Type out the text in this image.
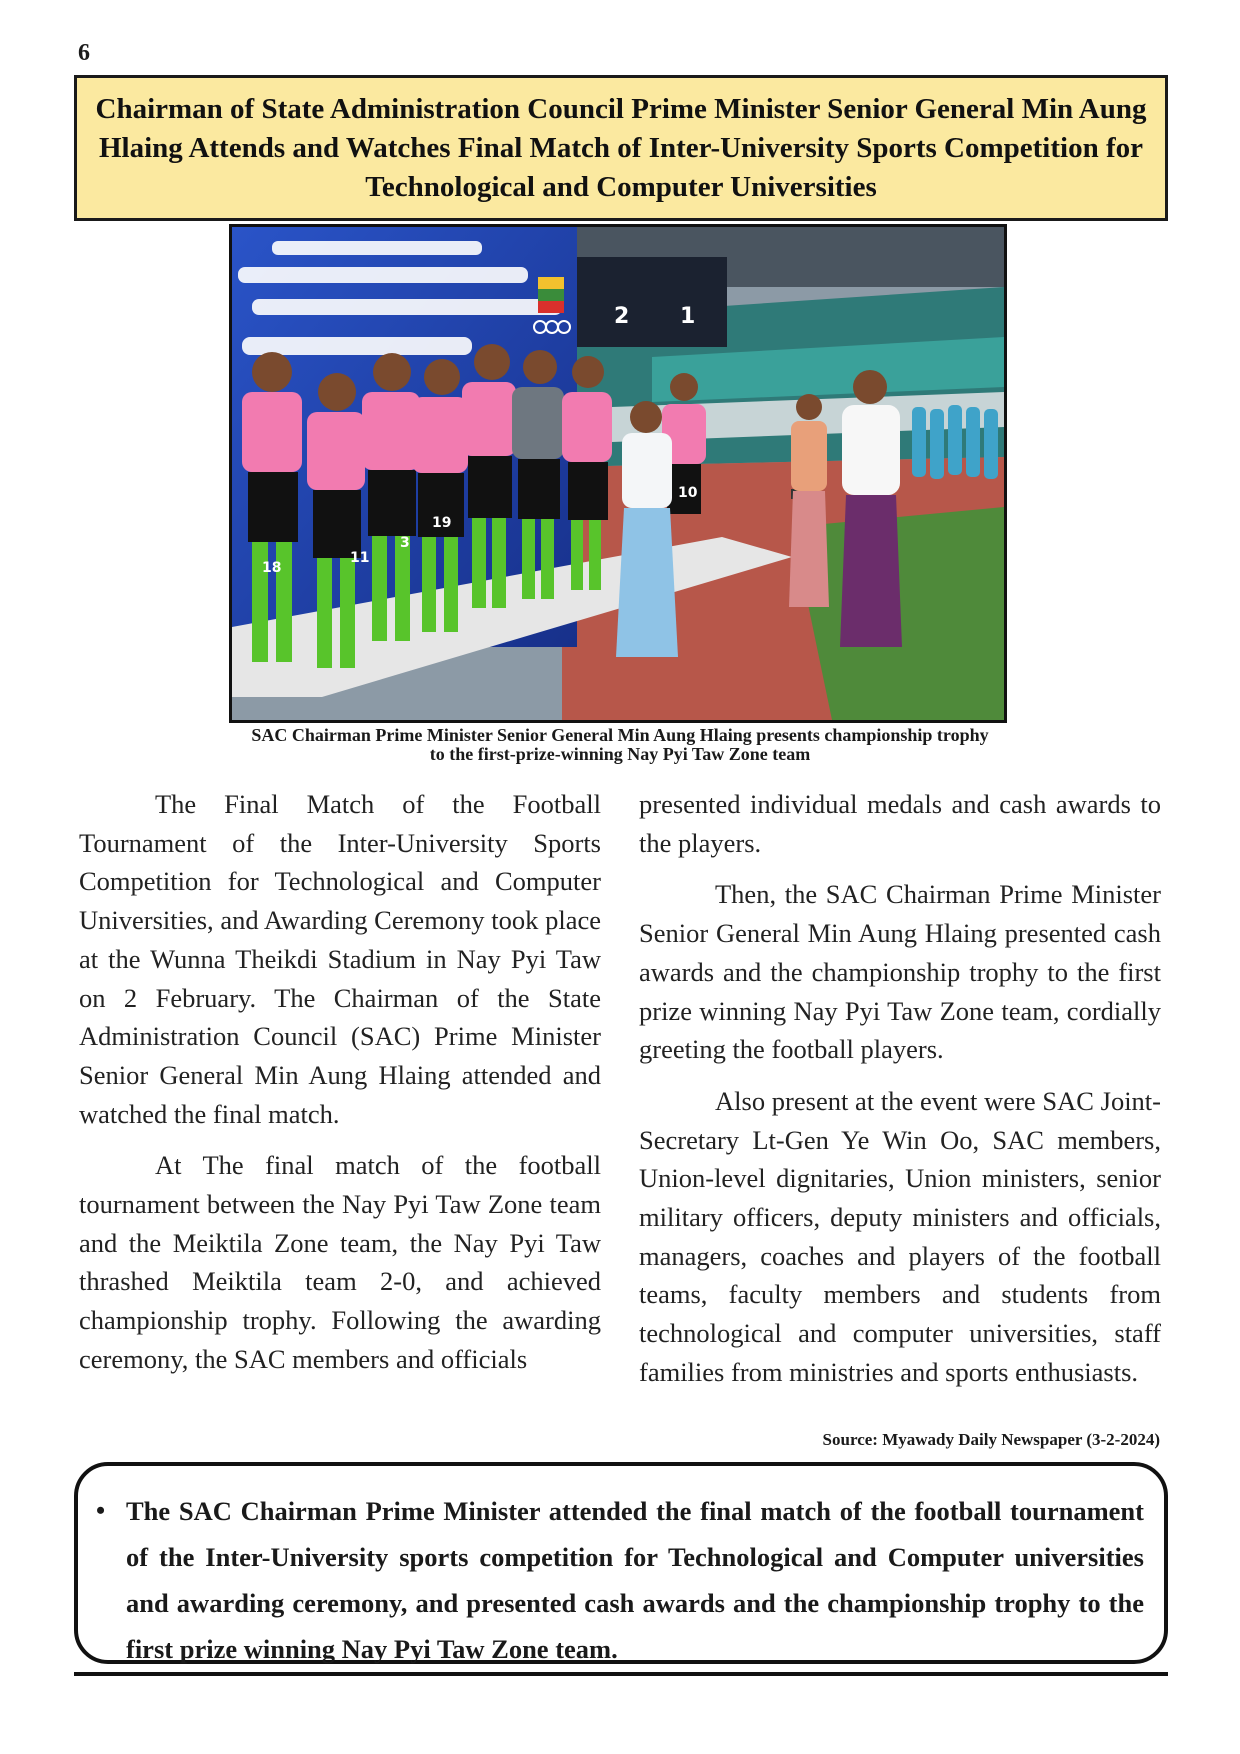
6
Chairman of State Administration Council Prime Minister Senior General Min Aung Hlaing Attends and Watches Final Match of Inter-University Sports Competition for Technological and Computer Universities
2 1
18
11
3
19
10
SAC Chairman Prime Minister Senior General Min Aung Hlaing presents championship trophy
to the first-prize-winning Nay Pyi Taw Zone team

The Final Match of the Football Tournament of the Inter-University Sports Competition for Technological and Computer Universities, and Awarding Ceremony took place at the Wunna Theikdi Stadium in Nay Pyi Taw on 2 February. The Chairman of the State Administration Council (SAC) Prime Minister Senior General Min Aung Hlaing attended and watched the final match.

At The final match of the football tournament between the Nay Pyi Taw Zone team and the Meiktila Zone team, the Nay Pyi Taw thrashed Meiktila team 2-0, and achieved championship trophy. Following the awarding ceremony, the SAC members and officials

presented individual medals and cash awards to the players.

Then, the SAC Chairman Prime Minister Senior General Min Aung Hlaing presented cash awards and the championship trophy to the first prize winning Nay Pyi Taw Zone team, cordially greeting the football players.

Also present at the event were SAC Joint-Secretary Lt-Gen Ye Win Oo, SAC members, Union-level dignitaries, Union ministers, senior military officers, deputy ministers and officials, managers, coaches and players of the football teams, faculty members and students from technological and computer universities, staff families from ministries and sports enthusiasts.

Source: Myawady Daily Newspaper (3-2-2024)
• The SAC Chairman Prime Minister attended the final match of the football tournament of the Inter-University sports competition for Technological and Computer universities and awarding ceremony, and presented cash awards and the championship trophy to the first prize winning Nay Pyi Taw Zone team.
